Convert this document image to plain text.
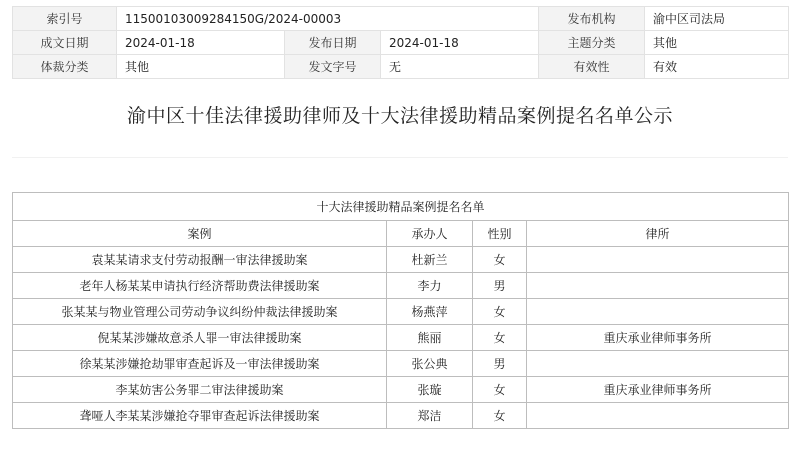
索引号	11500103009284150G/2024-00003			发布机构	渝中区司法局
成文日期	2024-01-18	发布日期	2024-01-18	主题分类	其他
体裁分类	其他	发文字号	无	有效性	有效
渝中区十佳法律援助律师及十大法律援助精品案例提名名单公示
十大法律援助精品案例提名名单			
案例	承办人	性别	律所
袁某某请求支付劳动报酬一审法律援助案	杜新兰	女	
老年人杨某某申请执行经济帮助费法律援助案	李力	男	
张某某与物业管理公司劳动争议纠纷仲裁法律援助案	杨燕萍	女	
倪某某涉嫌故意杀人罪一审法律援助案	熊丽	女	重庆承业律师事务所
徐某某涉嫌抢劫罪审查起诉及一审法律援助案	张公典	男	
李某妨害公务罪二审法律援助案	张璇	女	重庆承业律师事务所
聋哑人李某某涉嫌抢夺罪审查起诉法律援助案	郑洁	女	
